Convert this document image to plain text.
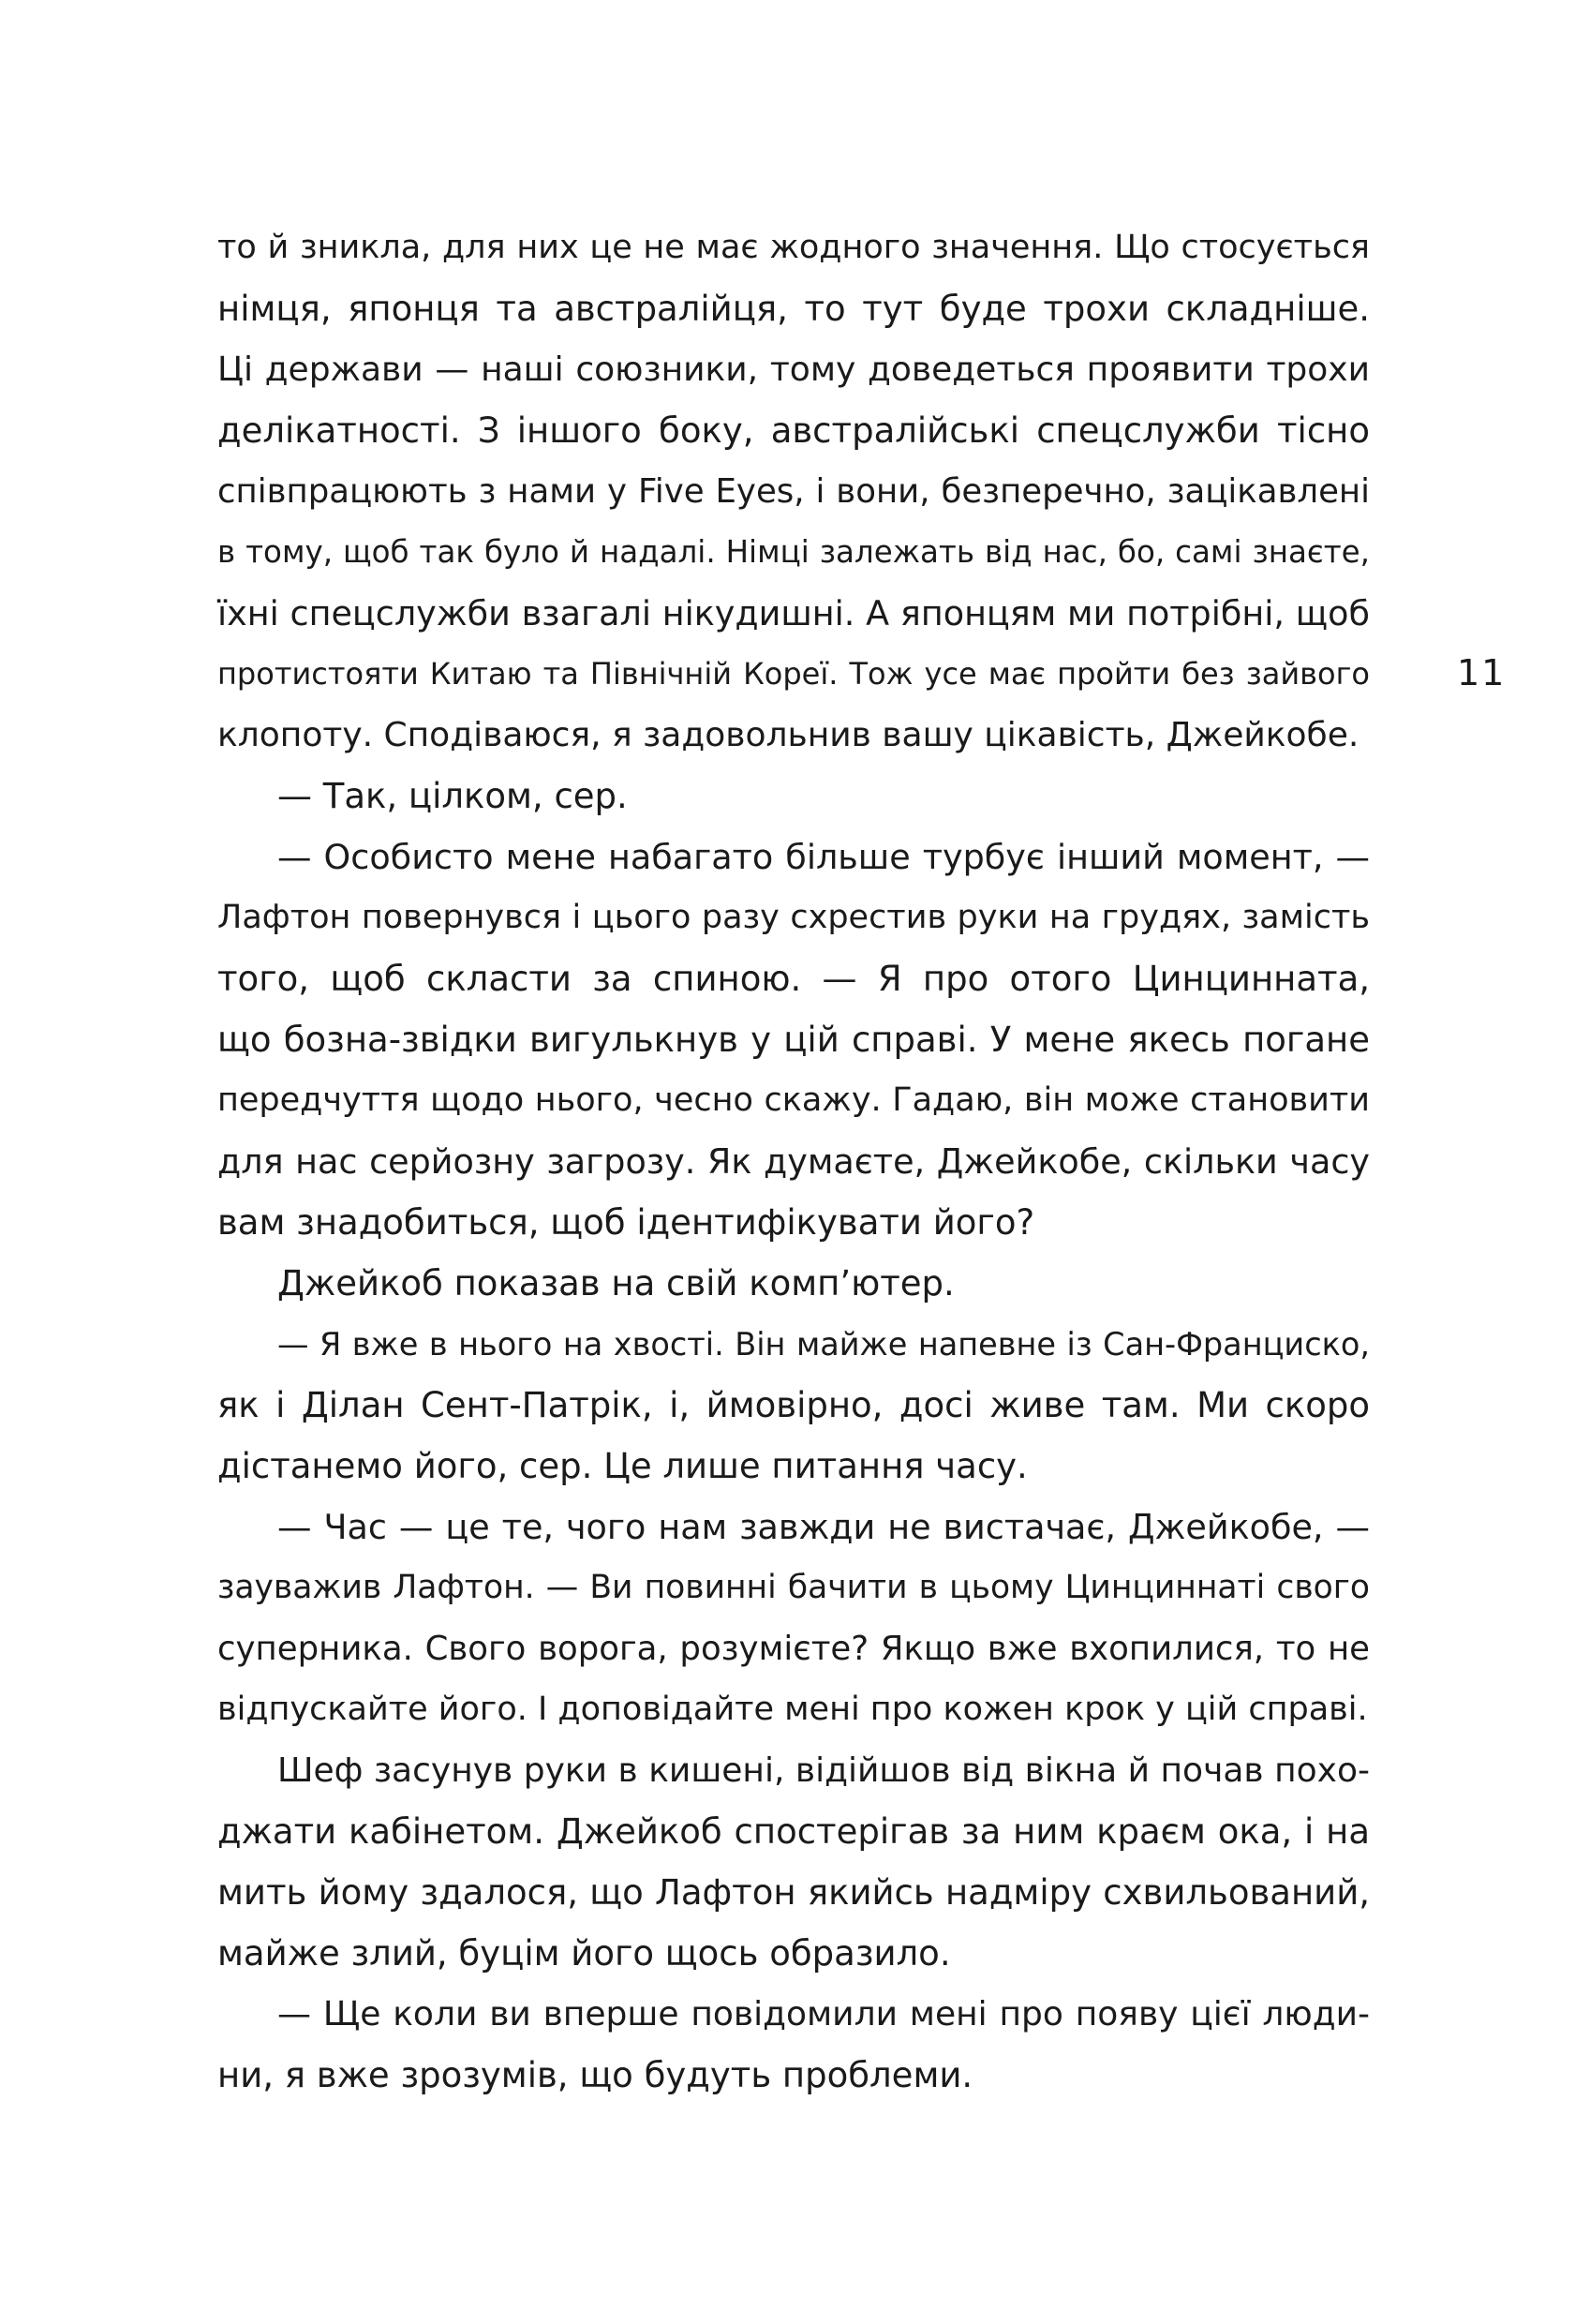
то й зникла, для них це не має жодного значення. Що стосується
німця, японця та австралійця, то тут буде трохи складніше.
Ці держави — наші союзники, тому доведеться проявити трохи
делікатності. З іншого боку, австралійські спецслужби тісно
співпрацюють з нами у Five Eyes, і вони, безперечно, зацікавлені
в тому, щоб так було й надалі. Німці залежать від нас, бо, самі знаєте,
їхні спецслужби взагалі нікудишні. А японцям ми потрібні, щоб
протистояти Китаю та Північній Кореї. Тож усе має пройти без зайвого
клопоту. Сподіваюся, я задовольнив вашу цікавість, Джейкобе.
— Так, цілком, сер.
— Особисто мене набагато більше турбує інший момент, —
Лафтон повернувся і цього разу схрестив руки на грудях, замість
того, щоб скласти за спиною. — Я про отого Цинцинната,
що бозна-звідки вигулькнув у цій справі. У мене якесь погане
передчуття щодо нього, чесно скажу. Гадаю, він може становити
для нас серйозну загрозу. Як думаєте, Джейкобе, скільки часу
вам знадобиться, щоб ідентифікувати його?
Джейкоб показав на свій комп’ютер.
— Я вже в нього на хвості. Він майже напевне із Сан-Франциско,
як і Ділан Сент-Патрік, і, ймовірно, досі живе там. Ми скоро
дістанемо його, сер. Це лише питання часу.
— Час — це те, чого нам завжди не вистачає, Джейкобе, —
зауважив Лафтон. — Ви повинні бачити в цьому Цинциннаті свого
суперника. Свого ворога, розумієте? Якщо вже вхопилися, то не
відпускайте його. І доповідайте мені про кожен крок у цій справі.
Шеф засунув руки в кишені, відійшов від вікна й почав похо-
джати кабінетом. Джейкоб спостерігав за ним краєм ока, і на
мить йому здалося, що Лафтон якийсь надміру схвильований,
майже злий, буцім його щось образило.
— Ще коли ви вперше повідомили мені про появу цієї люди-
ни, я вже зрозумів, що будуть проблеми.
11
